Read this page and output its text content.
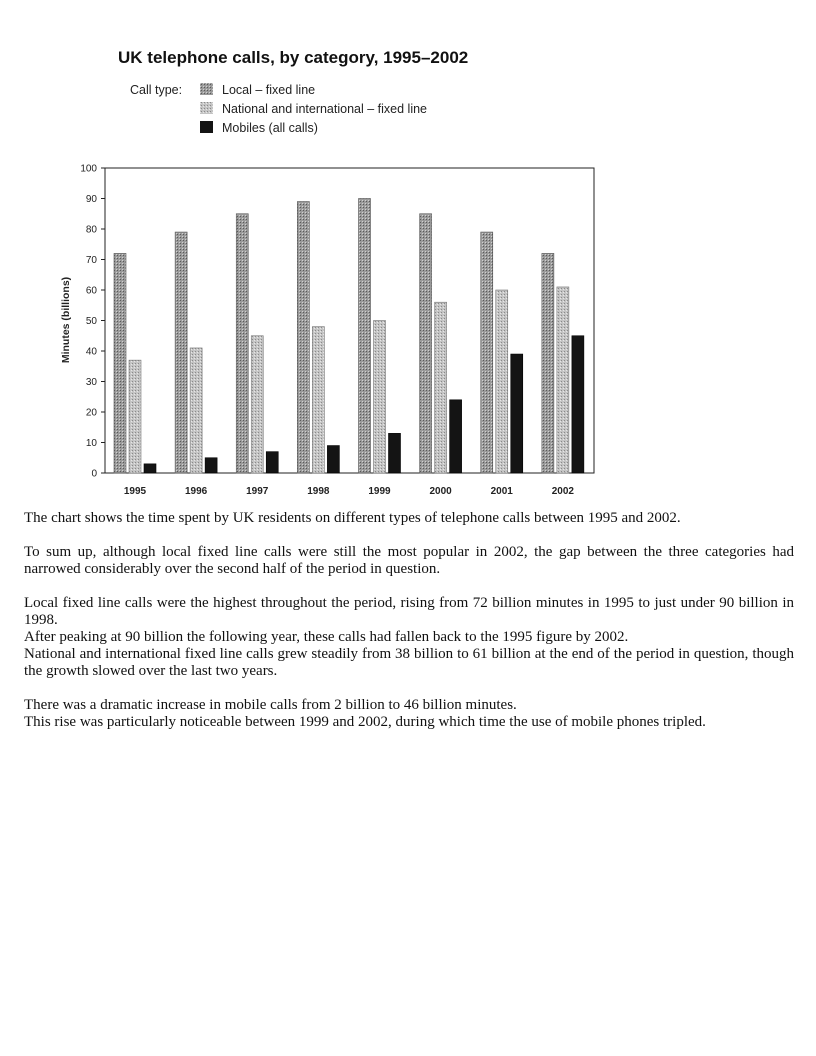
UK telephone calls, by category, 1995–2002
Call type:	Local – fixed line
National and international – fixed line
Mobiles (all calls)
Minutes (billions)
0
10
20
30
40
50
60
70
80
90
100
1995	1996	1997	1998	1999	2000	2001	2002

The chart shows the time spent by UK residents on different types of telephone calls between 1995 and 2002.

To sum up, although local fixed line calls were still the most popular in 2002, the gap between the three categories had narrowed considerably over the second half of the period in question.

Local fixed line calls were the highest throughout the period, rising from 72 billion minutes in 1995 to just under 90 billion in 1998.

After peaking at 90 billion the following year, these calls had fallen back to the 1995 figure by 2002.

National and international fixed line calls grew steadily from 38 billion to 61 billion at the end of the period in question, though the growth slowed over the last two years.

There was a dramatic increase in mobile calls from 2 billion to 46 billion minutes.

This rise was particularly noticeable between 1999 and 2002, during which time the use of mobile phones tripled.
